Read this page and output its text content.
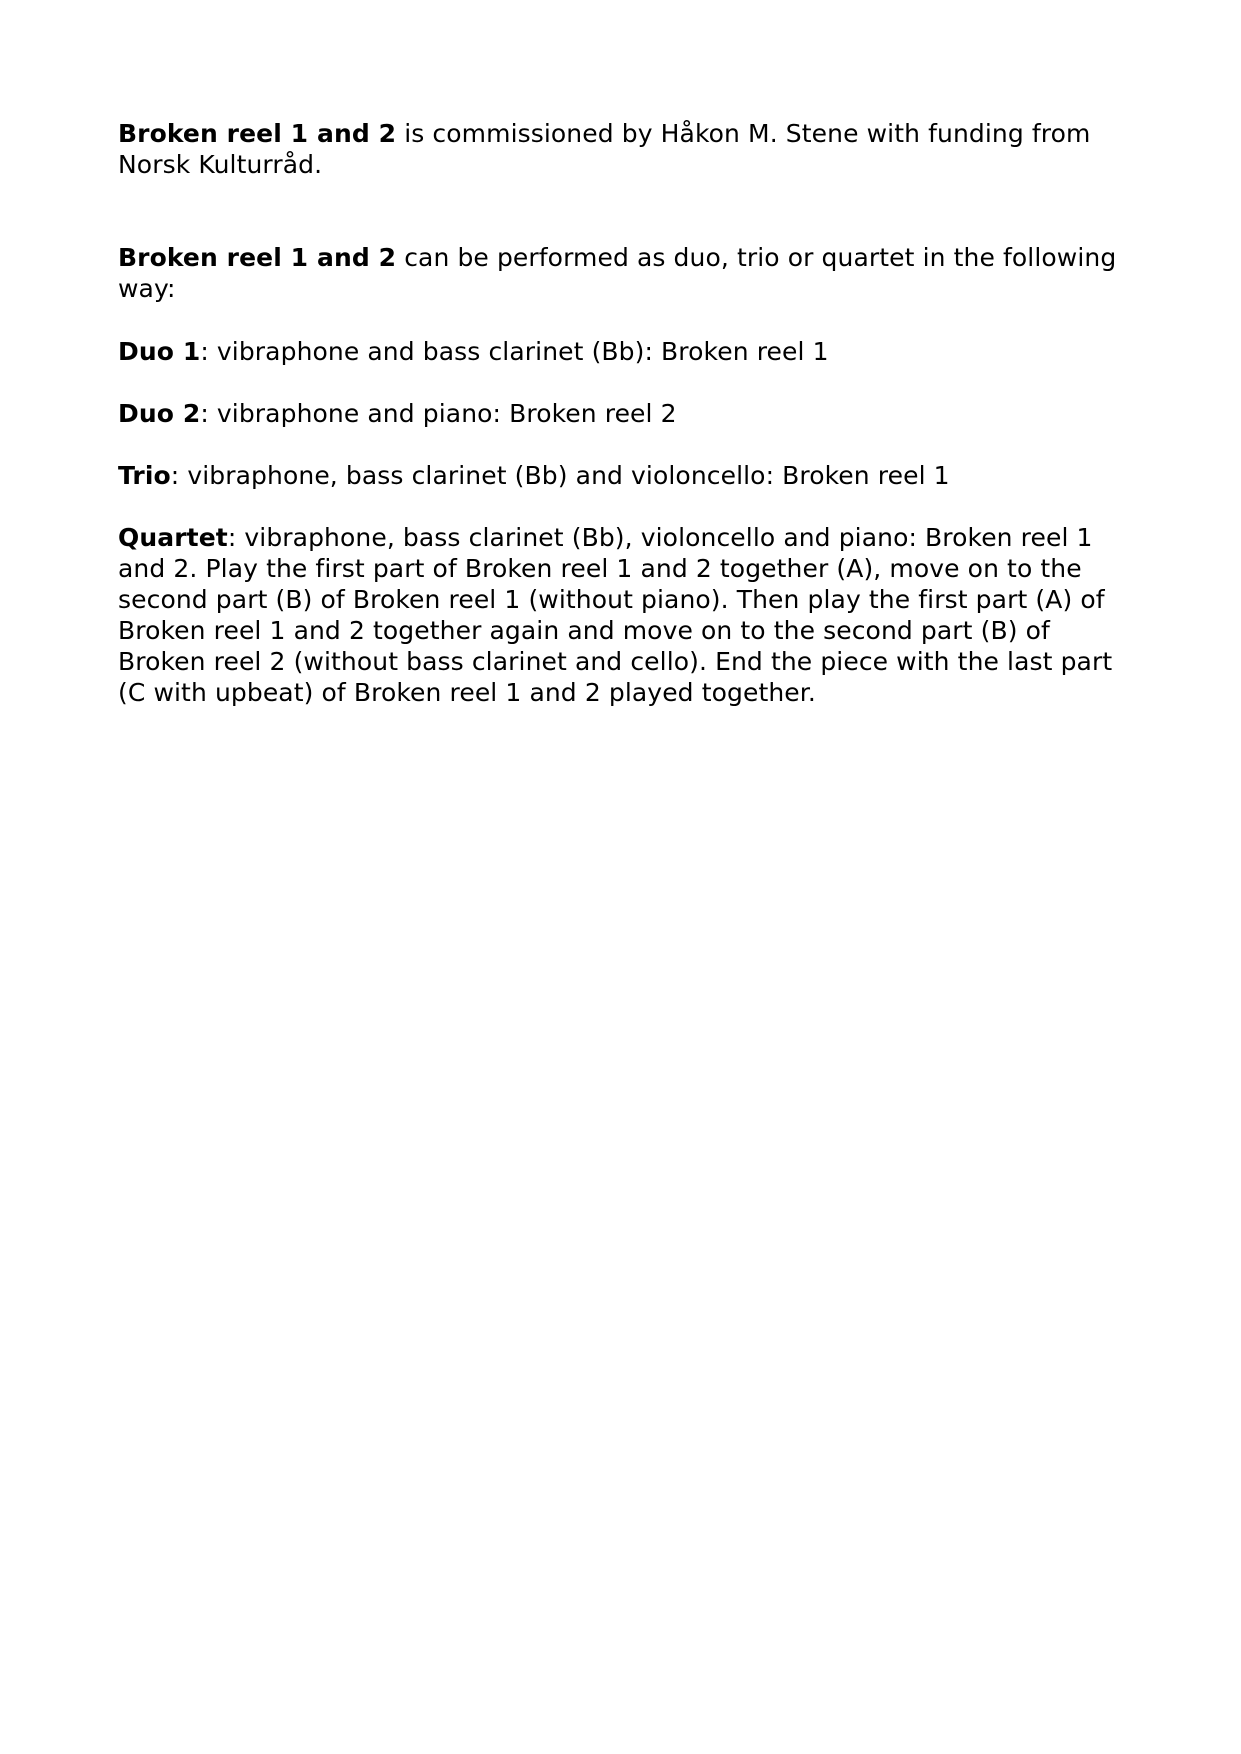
Broken reel 1 and 2 is commissioned by Håkon M. Stene with funding from Norsk Kulturråd.

Broken reel 1 and 2 can be performed as duo, trio or quartet in the following way:

Duo 1: vibraphone and bass clarinet (Bb): Broken reel 1

Duo 2: vibraphone and piano: Broken reel 2

Trio: vibraphone, bass clarinet (Bb) and violoncello: Broken reel 1

Quartet: vibraphone, bass clarinet (Bb), violoncello and piano: Broken reel 1 and 2. Play the first part of Broken reel 1 and 2 together (A), move on to the second part (B) of Broken reel 1 (without piano). Then play the first part (A) of Broken reel 1 and 2 together again and move on to the second part (B) of Broken reel 2 (without bass clarinet and cello). End the piece with the last part (C with upbeat) of Broken reel 1 and 2 played together.
